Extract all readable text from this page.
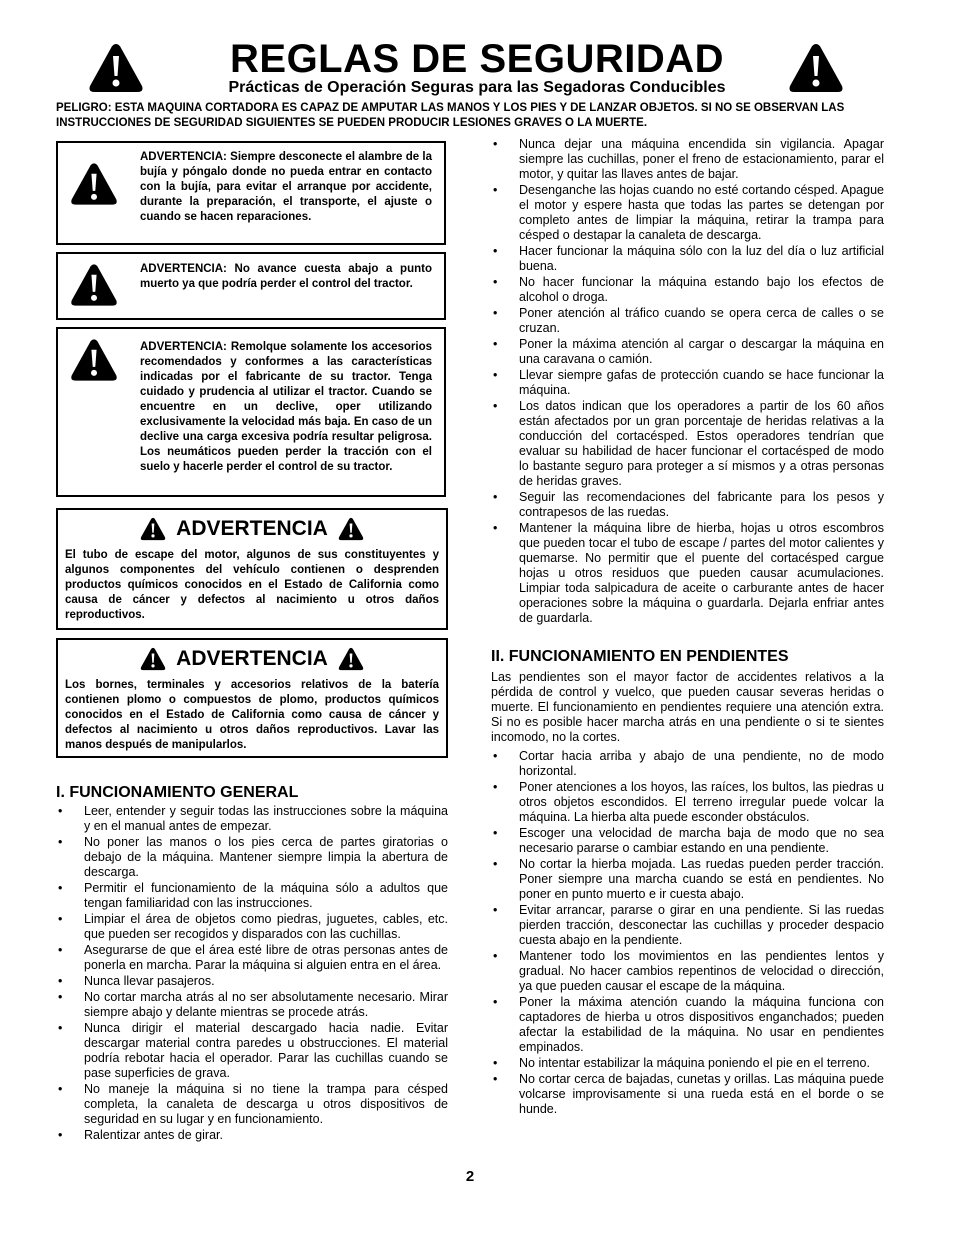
REGLAS DE SEGURIDAD
Prácticas de Operación Seguras para las Segadoras Conducibles
PELIGRO: ESTA MAQUINA CORTADORA ES CAPAZ DE AMPUTAR LAS MANOS Y LOS PIES Y DE LANZAR OBJETOS. SI NO SE OBSERVAN LAS INSTRUCCIONES DE SEGURIDAD SIGUIENTES SE PUEDEN PRODUCIR LESIONES GRAVES O LA MUERTE.
ADVERTENCIA: Siempre desconecte el alambre de la bujía y póngalo donde no pueda entrar en contacto con la bujía, para evitar el arranque por accidente, durante la preparación, el transporte, el ajuste o cuando se hacen reparaciones.
ADVERTENCIA: No avance cuesta abajo a punto muerto ya que podría perder el control del tractor.
ADVERTENCIA: Remolque solamente los accesorios recomendados y conformes a las características indicadas por el fabricante de su tractor. Tenga cuidado y prudencia al utilizar el tractor. Cuando se encuentre en un declive, oper utilizando exclusivamente la velocidad más baja. En caso de un declive una carga excesiva podría resultar peligrosa. Los neumáticos pueden perder la tracción con el suelo y hacerle perder el control de su tractor.
ADVERTENCIA
El tubo de escape del motor, algunos de sus constituyentes y algunos componentes del vehículo contienen o desprenden productos químicos conocidos en el Estado de California como causa de cáncer y defectos al nacimiento u otros daños reproductivos.
ADVERTENCIA
Los bornes, terminales y accesorios relativos de la batería contienen plomo o compuestos de plomo, productos químicos conocidos en el Estado de California como causa de cáncer y defectos al nacimiento u otros daños reproductivos. Lavar las manos después de manipularlos.
I. FUNCIONAMIENTO GENERAL
• Leer, entender y seguir todas las instrucciones sobre la máquina y en el manual antes de empezar.
• No poner las manos o los pies cerca de partes giratorias o debajo de la máquina. Mantener siempre limpia la abertura de descarga.
• Permitir el funcionamiento de la máquina sólo a adultos que tengan familiaridad con las instrucciones.
• Limpiar el área de objetos como piedras, juguetes, cables, etc. que pueden ser recogidos y disparados con las cuchillas.
• Asegurarse de que el área esté libre de otras personas antes de ponerla en marcha. Parar la máquina si alguien entra en el área.
• Nunca llevar pasajeros.
• No cortar marcha atrás al no ser absolutamente necesario. Mirar siempre abajo y delante mientras se procede atrás.
• Nunca dirigir el material descargado hacia nadie. Evitar descargar material contra paredes u obstrucciones. El material podría rebotar hacia el operador. Parar las cuchillas cuando se pase superficies de grava.
• No maneje la máquina si no tiene la trampa para césped completa, la canaleta de descarga u otros dispositivos de seguridad en su lugar y en funcionamiento.
• Ralentizar antes de girar.
• Nunca dejar una máquina encendida sin vigilancia. Apagar siempre las cuchillas, poner el freno de estacionamiento, parar el motor, y quitar las llaves antes de bajar.
• Desenganche las hojas cuando no esté cortando césped. Apague el motor y espere hasta que todas las partes se detengan por completo antes de limpiar la máquina, retirar la trampa para césped o destapar la canaleta de descarga.
• Hacer funcionar la máquina sólo con la luz del día o luz artificial buena.
• No hacer funcionar la máquina estando bajo los efectos de alcohol o droga.
• Poner atención al tráfico cuando se opera cerca de calles o se cruzan.
• Poner la máxima atención al cargar o descargar la máquina en una caravana o camión.
• Llevar siempre gafas de protección cuando se hace funcionar la máquina.
• Los datos indican que los operadores a partir de los 60 años están afectados por un gran porcentaje de heridas relativas a la conducción del cortacésped. Estos operadores tendrían que evaluar su habilidad de hacer funcionar el cortacésped de modo lo bastante seguro para proteger a sí mismos y a otras personas de heridas graves.
• Seguir las recomendaciones del fabricante para los pesos y contrapesos de las ruedas.
• Mantener la máquina libre de hierba, hojas u otros escombros que pueden tocar el tubo de escape / partes del motor calientes y quemarse. No permitir que el puente del cortacésped cargue hojas u otros residuos que pueden causar acumulaciones. Limpiar toda salpicadura de aceite o carburante antes de hacer operaciones sobre la máquina o guardarla. Dejarla enfriar antes de guardarla.
II. FUNCIONAMIENTO EN PENDIENTES
Las pendientes son el mayor factor de accidentes relativos a la pérdida de control y vuelco, que pueden causar severas heridas o muerte. El funcionamiento en pendientes requiere una atención extra. Si no es posible hacer marcha atrás en una pendiente o si te sientes incomodo, no la cortes.
• Cortar hacia arriba y abajo de una pendiente, no de modo horizontal.
• Poner atenciones a los hoyos, las raíces, los bultos, las piedras u otros objetos escondidos. El terreno irregular puede volcar la máquina. La hierba alta puede esconder obstáculos.
• Escoger una velocidad de marcha baja de modo que no sea necesario pararse o cambiar estando en una pendiente.
• No cortar la hierba mojada. Las ruedas pueden perder tracción. Poner siempre una marcha cuando se está en pendientes. No poner en punto muerto e ir cuesta abajo.
• Evitar arrancar, pararse o girar en una pendiente. Si las ruedas pierden tracción, desconectar las cuchillas y proceder despacio cuesta abajo en la pendiente.
• Mantener todo los movimientos en las pendientes lentos y gradual. No hacer cambios repentinos de velocidad o dirección, ya que pueden causar el escape de la máquina.
• Poner la máxima atención cuando la máquina funciona con captadores de hierba u otros dispositivos enganchados; pueden afectar la estabilidad de la máquina. No usar en pendientes empinados.
• No intentar estabilizar la máquina poniendo el pie en el terreno.
• No cortar cerca de bajadas, cunetas y orillas. Las máquina puede volcarse improvisamente si una rueda está en el borde o se hunde.
2
